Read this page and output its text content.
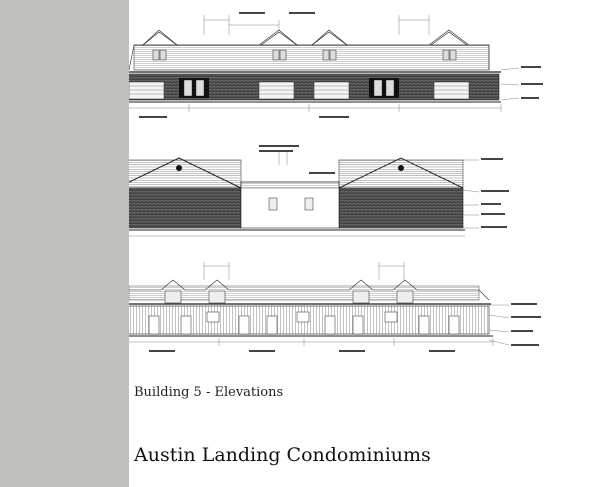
Building 5 - Elevations
Austin Landing Condominiums
